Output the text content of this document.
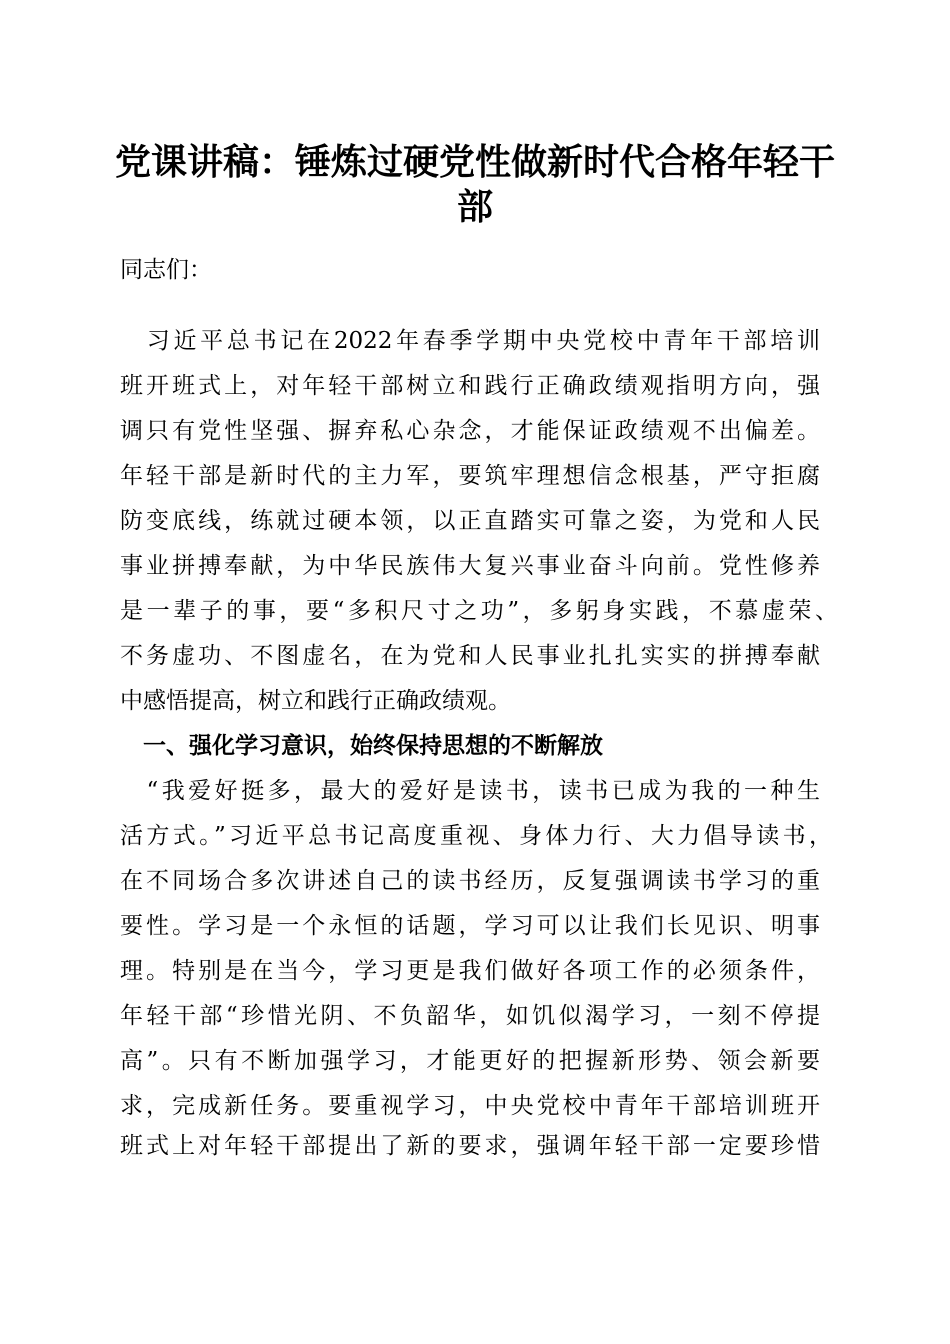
党课讲稿：锤炼过硬党性做新时代合格年轻干
部
同志们：
　习近平总书记在2022年春季学期中央党校中青年干部培训
班开班式上，对年轻干部树立和践行正确政绩观指明方向，强
调只有党性坚强、摒弃私心杂念，才能保证政绩观不出偏差。
年轻干部是新时代的主力军，要筑牢理想信念根基，严守拒腐
防变底线，练就过硬本领，以正直踏实可靠之姿，为党和人民
事业拼搏奉献，为中华民族伟大复兴事业奋斗向前。党性修养
是一辈子的事，要“多积尺寸之功”，多躬身实践，不慕虚荣、
不务虚功、不图虚名，在为党和人民事业扎扎实实的拼搏奉献
中感悟提高，树立和践行正确政绩观。
一、强化学习意识，始终保持思想的不断解放
　“我爱好挺多，最大的爱好是读书，读书已成为我的一种生
活方式。”习近平总书记高度重视、身体力行、大力倡导读书，
在不同场合多次讲述自己的读书经历，反复强调读书学习的重
要性。学习是一个永恒的话题，学习可以让我们长见识、明事
理。特别是在当今，学习更是我们做好各项工作的必须条件，
年轻干部“珍惜光阴、不负韶华，如饥似渴学习，一刻不停提
高”。只有不断加强学习，才能更好的把握新形势、领会新要
求，完成新任务。要重视学习，中央党校中青年干部培训班开
班式上对年轻干部提出了新的要求，强调年轻干部一定要珍惜
